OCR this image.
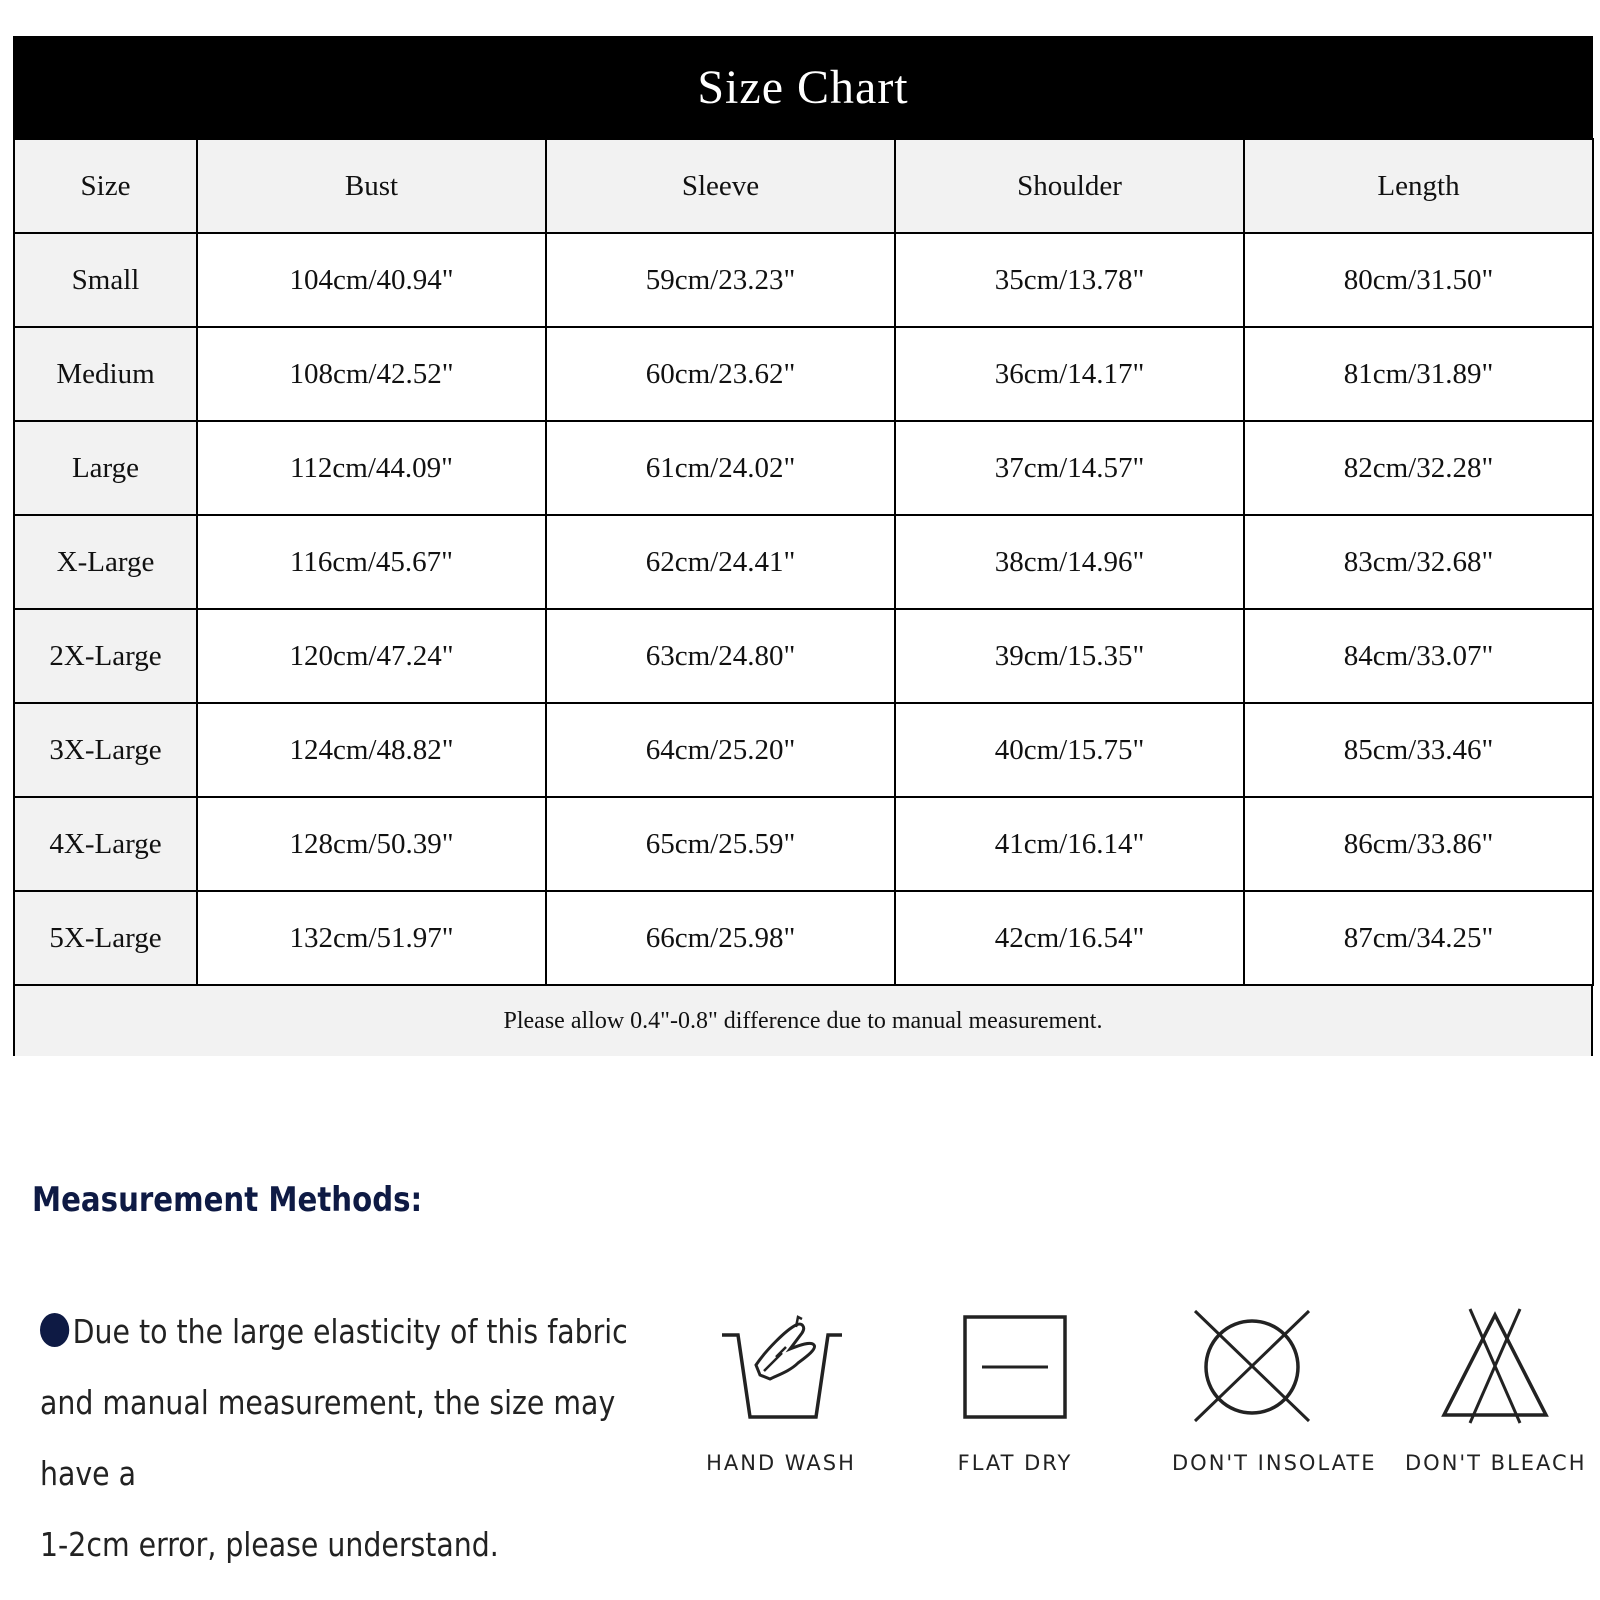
Size Chart
Size	Bust	Sleeve	Shoulder	Length
Small	104cm/40.94"	59cm/23.23"	35cm/13.78"	80cm/31.50"
Medium	108cm/42.52"	60cm/23.62"	36cm/14.17"	81cm/31.89"
Large	112cm/44.09"	61cm/24.02"	37cm/14.57"	82cm/32.28"
X-Large	116cm/45.67"	62cm/24.41"	38cm/14.96"	83cm/32.68"
2X-Large	120cm/47.24"	63cm/24.80"	39cm/15.35"	84cm/33.07"
3X-Large	124cm/48.82"	64cm/25.20"	40cm/15.75"	85cm/33.46"
4X-Large	128cm/50.39"	65cm/25.59"	41cm/16.14"	86cm/33.86"
5X-Large	132cm/51.97"	66cm/25.98"	42cm/16.54"	87cm/34.25"
Please allow 0.4"-0.8" difference due to manual measurement.
Measurement Methods:
Due to the large elasticity of this fabric
and manual measurement, the size may have a
1-2cm error, please understand.
HAND WASH	FLAT DRY	DON'T INSOLATE DON'T BLEACH
